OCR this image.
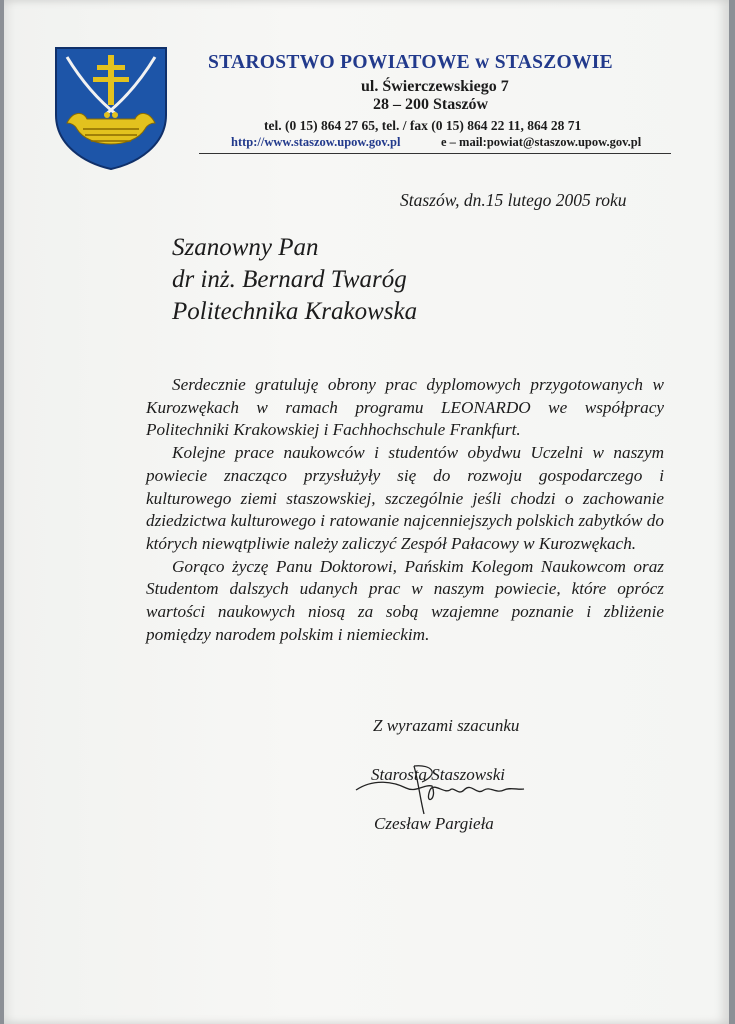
STAROSTWO POWIATOWE w STASZOWIE
ul. Świerczewskiego 7
28 – 200 Staszów
tel. (0 15) 864 27 65, tel. / fax (0 15) 864 22 11, 864 28 71
http://www.staszow.upow.gov.pl	e – mail:powiat@staszow.upow.gov.pl
Staszów, dn.15 lutego 2005 roku
Szanowny Pan
dr inż. Bernard Twaróg
Politechnika Krakowska

Serdecznie gratuluję obrony prac dyplomowych przygotowanych w Kurozwękach w ramach programu LEONARDO we współpracy Politechniki Krakowskiej i Fachhochschule Frankfurt.

Kolejne prace naukowców i studentów obydwu Uczelni w naszym powiecie znacząco przysłużyły się do rozwoju gospodarczego i kulturowego ziemi staszowskiej, szczególnie jeśli chodzi o zachowanie dziedzictwa kulturowego i ratowanie najcenniejszych polskich zabytków do których niewątpliwie należy zaliczyć Zespół Pałacowy w Kurozwękach.

Gorąco życzę Panu Doktorowi, Pańskim Kolegom Naukowcom oraz Studentom dalszych udanych prac w naszym powiecie, które oprócz wartości naukowych niosą za sobą wzajemne poznanie i zbliżenie pomiędzy narodem polskim i niemieckim.

Z wyrazami szacunku
Starosta Staszowski
Czesław Pargieła
